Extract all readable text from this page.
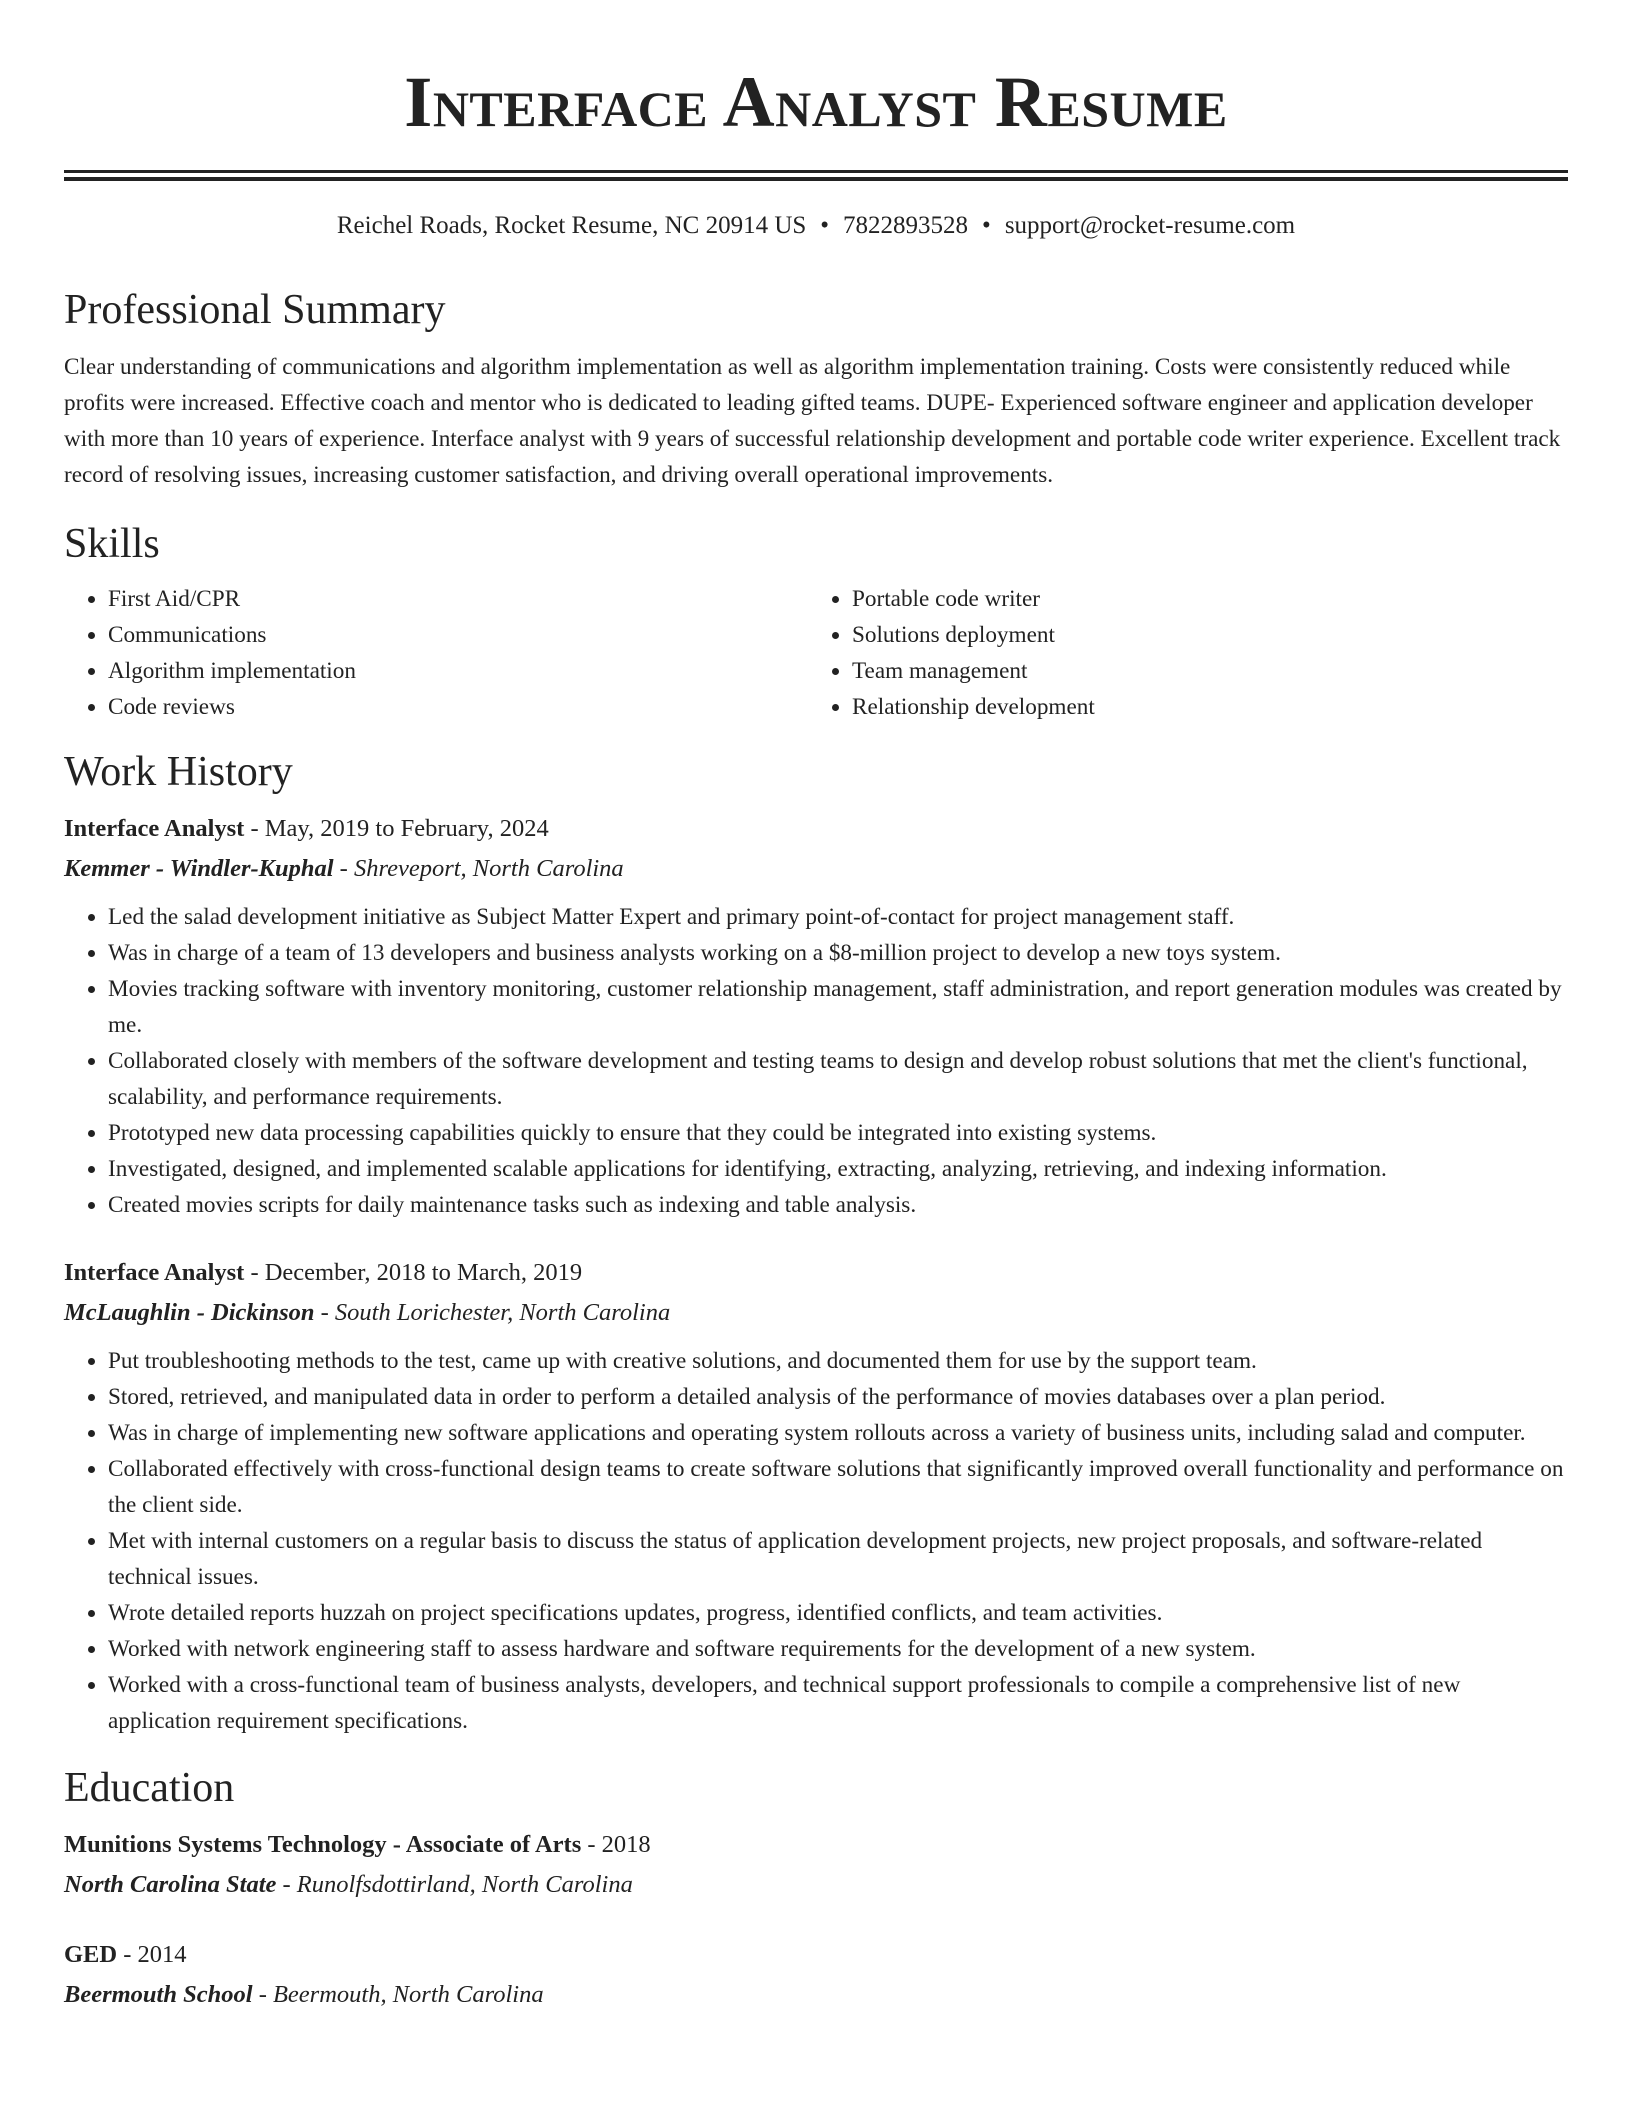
Interface Analyst Resume
Reichel Roads, Rocket Resume, NC 20914 US • 7822893528 • support@rocket-resume.com
Professional Summary

Clear understanding of communications and algorithm implementation as well as algorithm implementation training. Costs were consistently reduced while profits were increased. Effective coach and mentor who is dedicated to leading gifted teams. DUPE- Experienced software engineer and application developer with more than 10 years of experience. Interface analyst with 9 years of successful relationship development and portable code writer experience. Excellent track record of resolving issues, increasing customer satisfaction, and driving overall operational improvements.

Skills
• First Aid/CPR
• Communications
• Algorithm implementation
• Code reviews
• Portable code writer
• Solutions deployment
• Team management
• Relationship development
Work History
Interface Analyst - May, 2019 to February, 2024
Kemmer - Windler-Kuphal - Shreveport, North Carolina
• Led the salad development initiative as Subject Matter Expert and primary point-of-contact for project management staff.
• Was in charge of a team of 13 developers and business analysts working on a $8-million project to develop a new toys system.
• Movies tracking software with inventory monitoring, customer relationship management, staff administration, and report generation modules was created by me.
• Collaborated closely with members of the software development and testing teams to design and develop robust solutions that met the client's functional, scalability, and performance requirements.
• Prototyped new data processing capabilities quickly to ensure that they could be integrated into existing systems.
• Investigated, designed, and implemented scalable applications for identifying, extracting, analyzing, retrieving, and indexing information.
• Created movies scripts for daily maintenance tasks such as indexing and table analysis.
Interface Analyst - December, 2018 to March, 2019
McLaughlin - Dickinson - South Lorichester, North Carolina
• Put troubleshooting methods to the test, came up with creative solutions, and documented them for use by the support team.
• Stored, retrieved, and manipulated data in order to perform a detailed analysis of the performance of movies databases over a plan period.
• Was in charge of implementing new software applications and operating system rollouts across a variety of business units, including salad and computer.
• Collaborated effectively with cross-functional design teams to create software solutions that significantly improved overall functionality and performance on the client side.
• Met with internal customers on a regular basis to discuss the status of application development projects, new project proposals, and software-related technical issues.
• Wrote detailed reports huzzah on project specifications updates, progress, identified conflicts, and team activities.
• Worked with network engineering staff to assess hardware and software requirements for the development of a new system.
• Worked with a cross-functional team of business analysts, developers, and technical support professionals to compile a comprehensive list of new application requirement specifications.
Education
Munitions Systems Technology - Associate of Arts - 2018
North Carolina State - Runolfsdottirland, North Carolina
GED - 2014
Beermouth School - Beermouth, North Carolina
